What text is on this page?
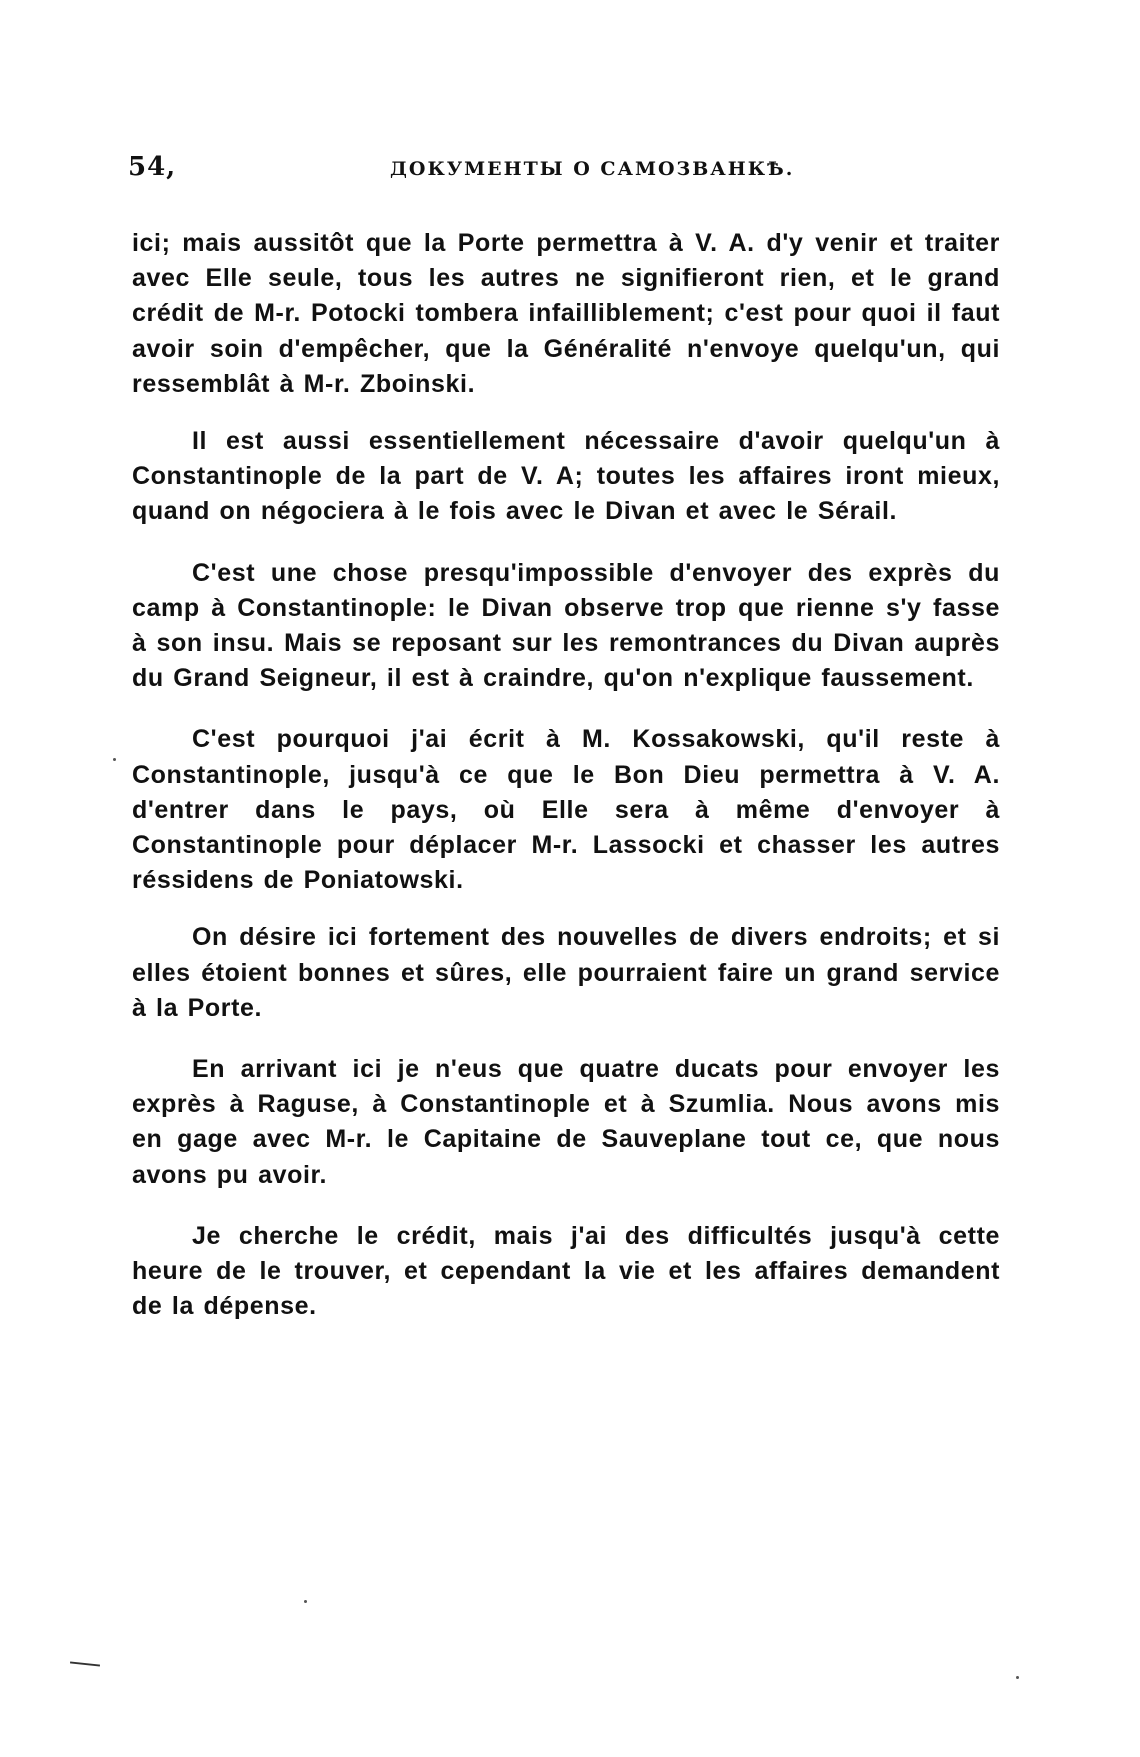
54,	ДОКУМЕНТЫ О САМОЗВАНКѢ.

ici; mais aussitôt que la Porte permettra à V. A. d'y venir et traiter avec Elle seule, tous les autres ne signifieront rien, et le grand crédit de M-r. Potocki tombera infailliblement; c'est pour quoi il faut avoir soin d'empêcher, que la Généralité n'envoye quelqu'un, qui ressemblât à M-r. Zboinski.

Il est aussi essentiellement nécessaire d'avoir quelqu'un à Constantinople de la part de V. A; toutes les affaires iront mieux, quand on négociera à le fois avec le Divan et avec le Sérail.

C'est une chose presqu'impossible d'envoyer des exprès du camp à Constantinople: le Divan observe trop que rienne s'y fasse à son insu. Mais se reposant sur les remontrances du Divan auprès du Grand Seigneur, il est à craindre, qu'on n'explique faussement.

C'est pourquoi j'ai écrit à M. Kossakowski, qu'il reste à Constantinople, jusqu'à ce que le Bon Dieu permettra à V. A. d'entrer dans le pays, où Elle sera à même d'envoyer à Constantinople pour déplacer M-r. Lassocki et chasser les autres réssidens de Poniatowski.

On désire ici fortement des nouvelles de divers endroits; et si elles étoient bonnes et sûres, elle pourraient faire un grand service à la Porte.

En arrivant ici je n'eus que quatre ducats pour envoyer les exprès à Raguse, à Constantinople et à Szumlia. Nous avons mis en gage avec M-r. le Capitaine de Sauveplane tout ce, que nous avons pu avoir.

Je cherche le crédit, mais j'ai des difficultés jusqu'à cette heure de le trouver, et cependant la vie et les affaires demandent de la dépense.
